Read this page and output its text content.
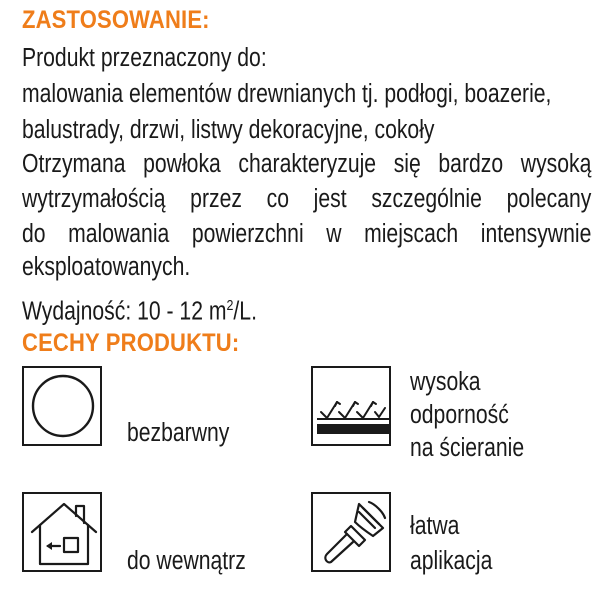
ZASTOSOWANIE:
Produkt przeznaczony do:
malowania elementów drewnianych tj. podłogi, boazerie,
balustrady, drzwi, listwy dekoracyjne, cokoły
Otrzymana powłoka charakteryzuje się bardzo wysoką
wytrzymałością przez co jest szczególnie polecany
do malowania powierzchni w miejscach intensywnie
eksploatowanych.
Wydajność: 10 - 12 $m^2/L$.
CECHY PRODUKTU:
bezbarwny
wysoka
odporność
na ścieranie
do wewnątrz
łatwa
aplikacja
